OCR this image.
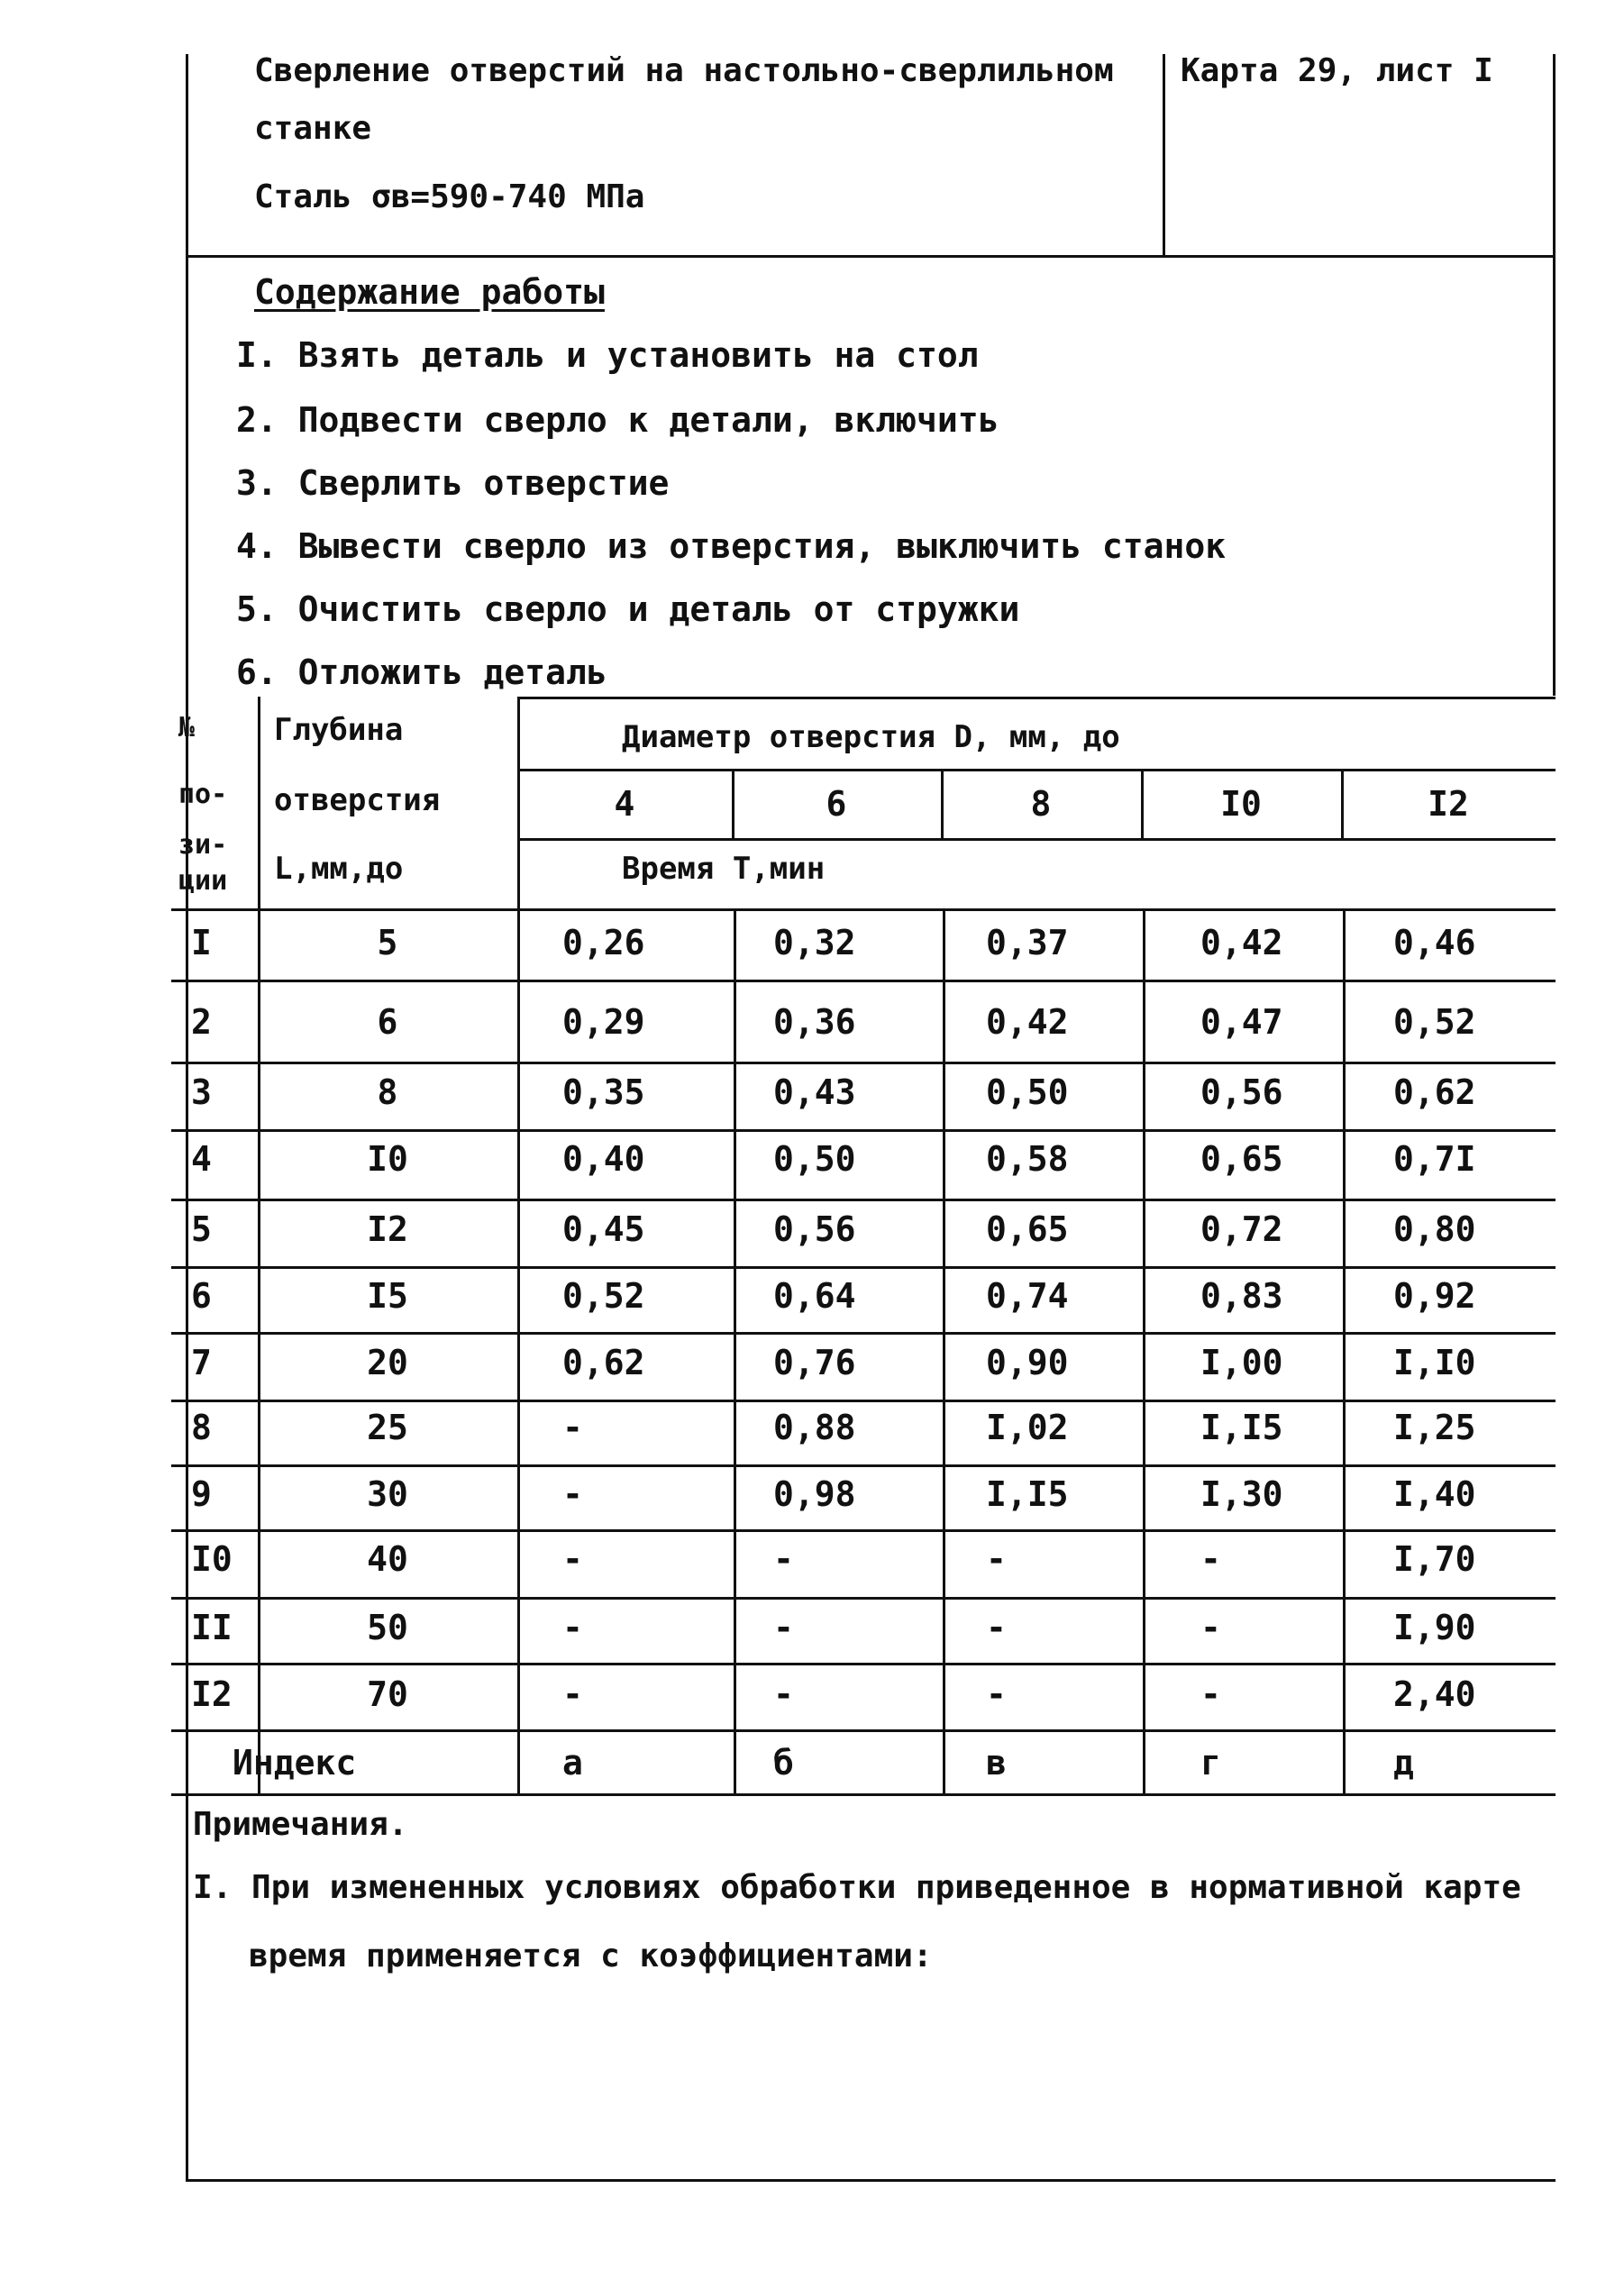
Сверление отверстий на настольно-сверлильном
станке
Сталь σв=590-740 МПа
Карта 29, лист I
Содержание работы
I. Взять деталь и установить на стол
2. Подвести сверло к детали, включить
3. Сверлить отверстие
4. Вывести сверло из отверстия, выключить станок
5. Очистить сверло и деталь от стружки
6. Отложить деталь
№
по-
зи-
ции
Глубина
отверстия
L,мм,до
Диаметр отверстия D, мм, до
4	6	8	I0	I2
Время T,мин
I	5	0,26	0,32	0,37	0,42	0,46
2	6	0,29	0,36	0,42	0,47	0,52
3	8	0,35	0,43	0,50	0,56	0,62
4	I0	0,40	0,50	0,58	0,65	0,7I
5	I2	0,45	0,56	0,65	0,72	0,80
6	I5	0,52	0,64	0,74	0,83	0,92
7	20	0,62	0,76	0,90	I,00	I,I0
8	25	-	0,88	I,02	I,I5	I,25
9	30	-	0,98	I,I5	I,30	I,40
I0	40	-	-	-	-	I,70
II	50	-	-	-	-	I,90
I2	70	-	-	-	-	2,40
Индекс	а	б	в	г	д
Примечания.
I. При измененных условиях обработки приведенное в нормативной карте
время применяется с коэффициентами:
